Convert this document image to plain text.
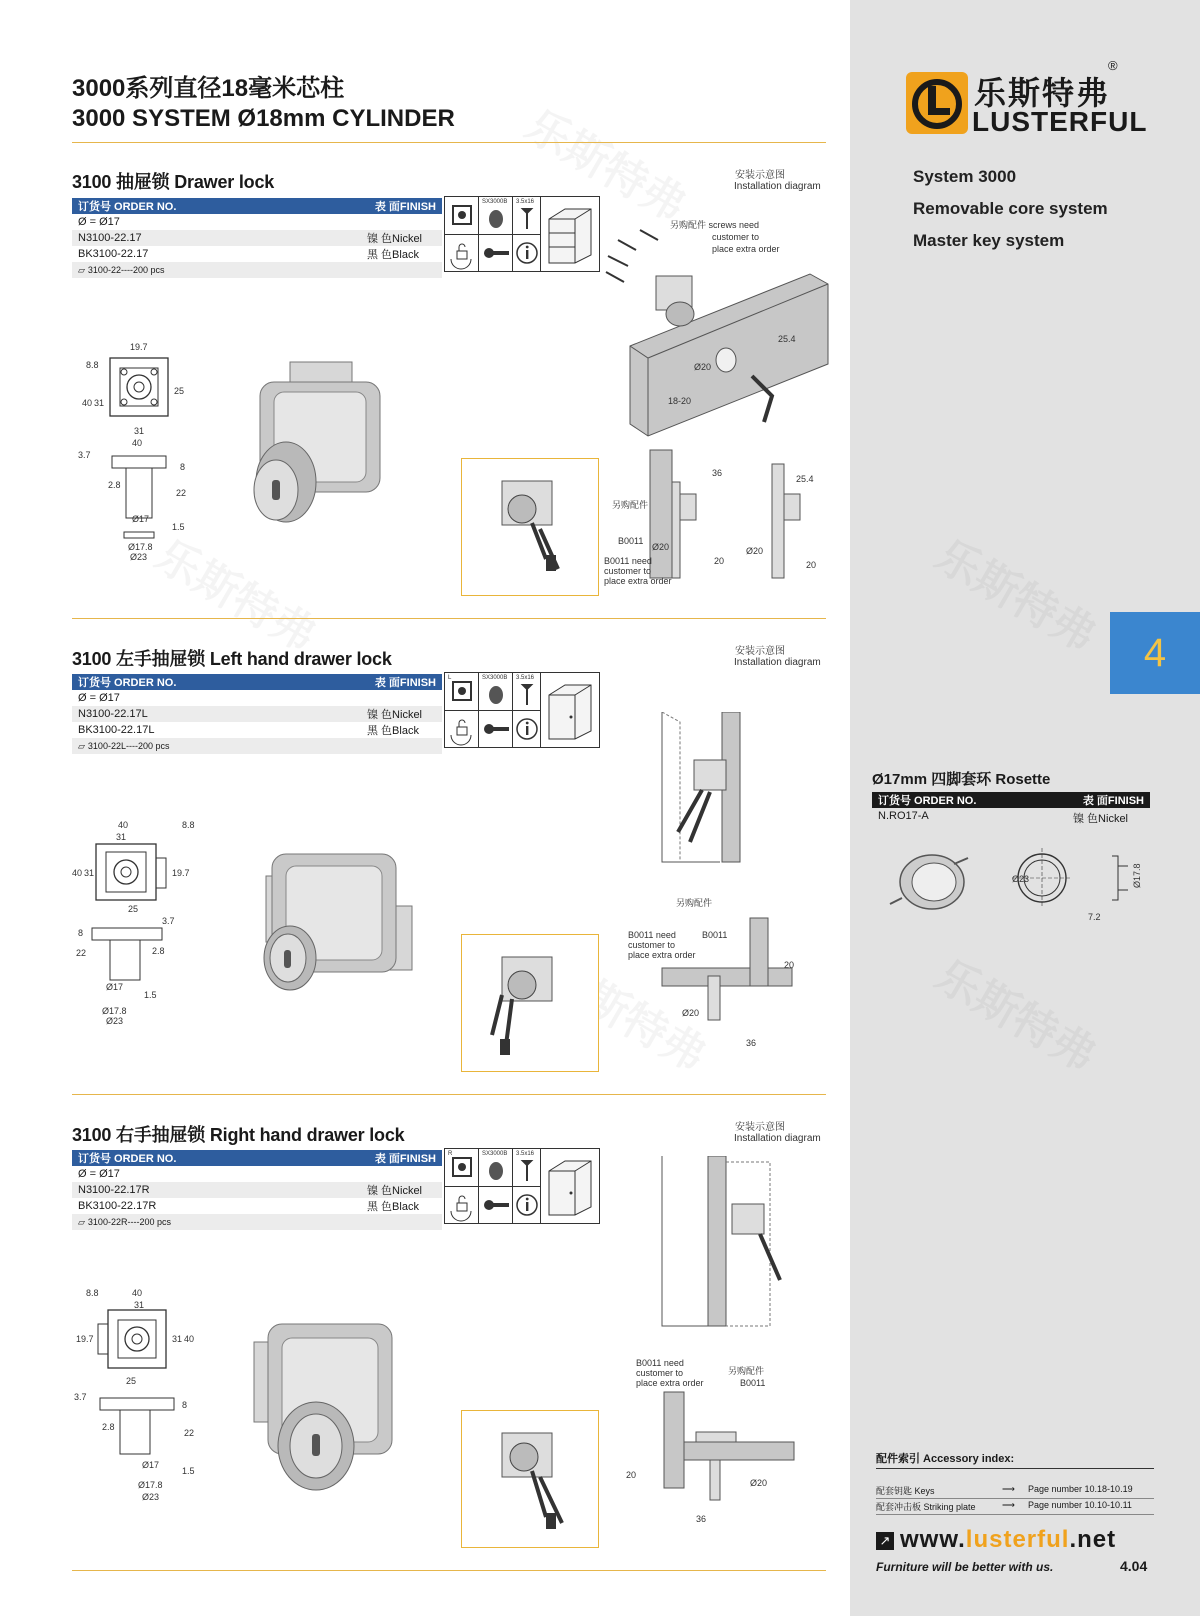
3000系列直径18毫米芯柱
3000 SYSTEM Ø18mm CYLINDER
乐斯特弗
®
LUSTERFUL
System 3000
Removable core system
Master key system
4
Ø17mm 四脚套环 Rosette
订货号 ORDER NO.	表 面FINISH
N.RO17-A	镍 色Nickel
Ø23	Ø17.8
7.2
配件索引 Accessory index:
配套钥匙 Keys	⟶ Page number 10.18-10.19
配套冲击板 Striking plate	⟶ Page number 10.10-10.11
↗ www.lusterful.net
Furniture will be better with us.	4.04
3100 抽屉锁 Drawer lock	安装示意图
Installation diagram
订货号 ORDER NO.	表 面FINISH
Ø = Ø17
N3100-22.17	镍 色Nickel
BK3100-22.17	黑 色Black
▱ 3100-22----200 pcs
SX3000B 3.5x16
19.7
8.8
25
40
31
31
40
3.7
8
2.8
22
Ø17
1.5
Ø17.8
Ø23
另购配件 screws need
customer to
place extra order
25.4
Ø20
18-20
另购配件
B0011
Ø20
B0011 need
customer to
place extra order
36
20
25.4
Ø20
20
3100 左手抽屉锁 Left hand drawer lock	安装示意图
Installation diagram
订货号 ORDER NO.	表 面FINISH
Ø = Ø17
N3100-22.17L	镍 色Nickel
BK3100-22.17L	黑 色Black
▱ 3100-22L----200 pcs
L	SX3000B 3.5x16
40	8.8
31
40 31	19.7
25
3.7
8
2.8
22
Ø17
1.5
Ø17.8
Ø23
另购配件
B0011 need
customer to
place extra order
B0011
20
Ø20
36
3100 右手抽屉锁 Right hand drawer lock	安装示意图
Installation diagram
订货号 ORDER NO.	表 面FINISH
Ø = Ø17
N3100-22.17R	镍 色Nickel
BK3100-22.17R	黑 色Black
▱ 3100-22R----200 pcs
R	SX3000B 3.5x16
8.8	40
31
19.7	31 40
25
3.7
8
2.8
22
Ø17
1.5
Ø17.8
Ø23
B0011 need
customer to
place extra order
另购配件
B0011
20
Ø20
36
